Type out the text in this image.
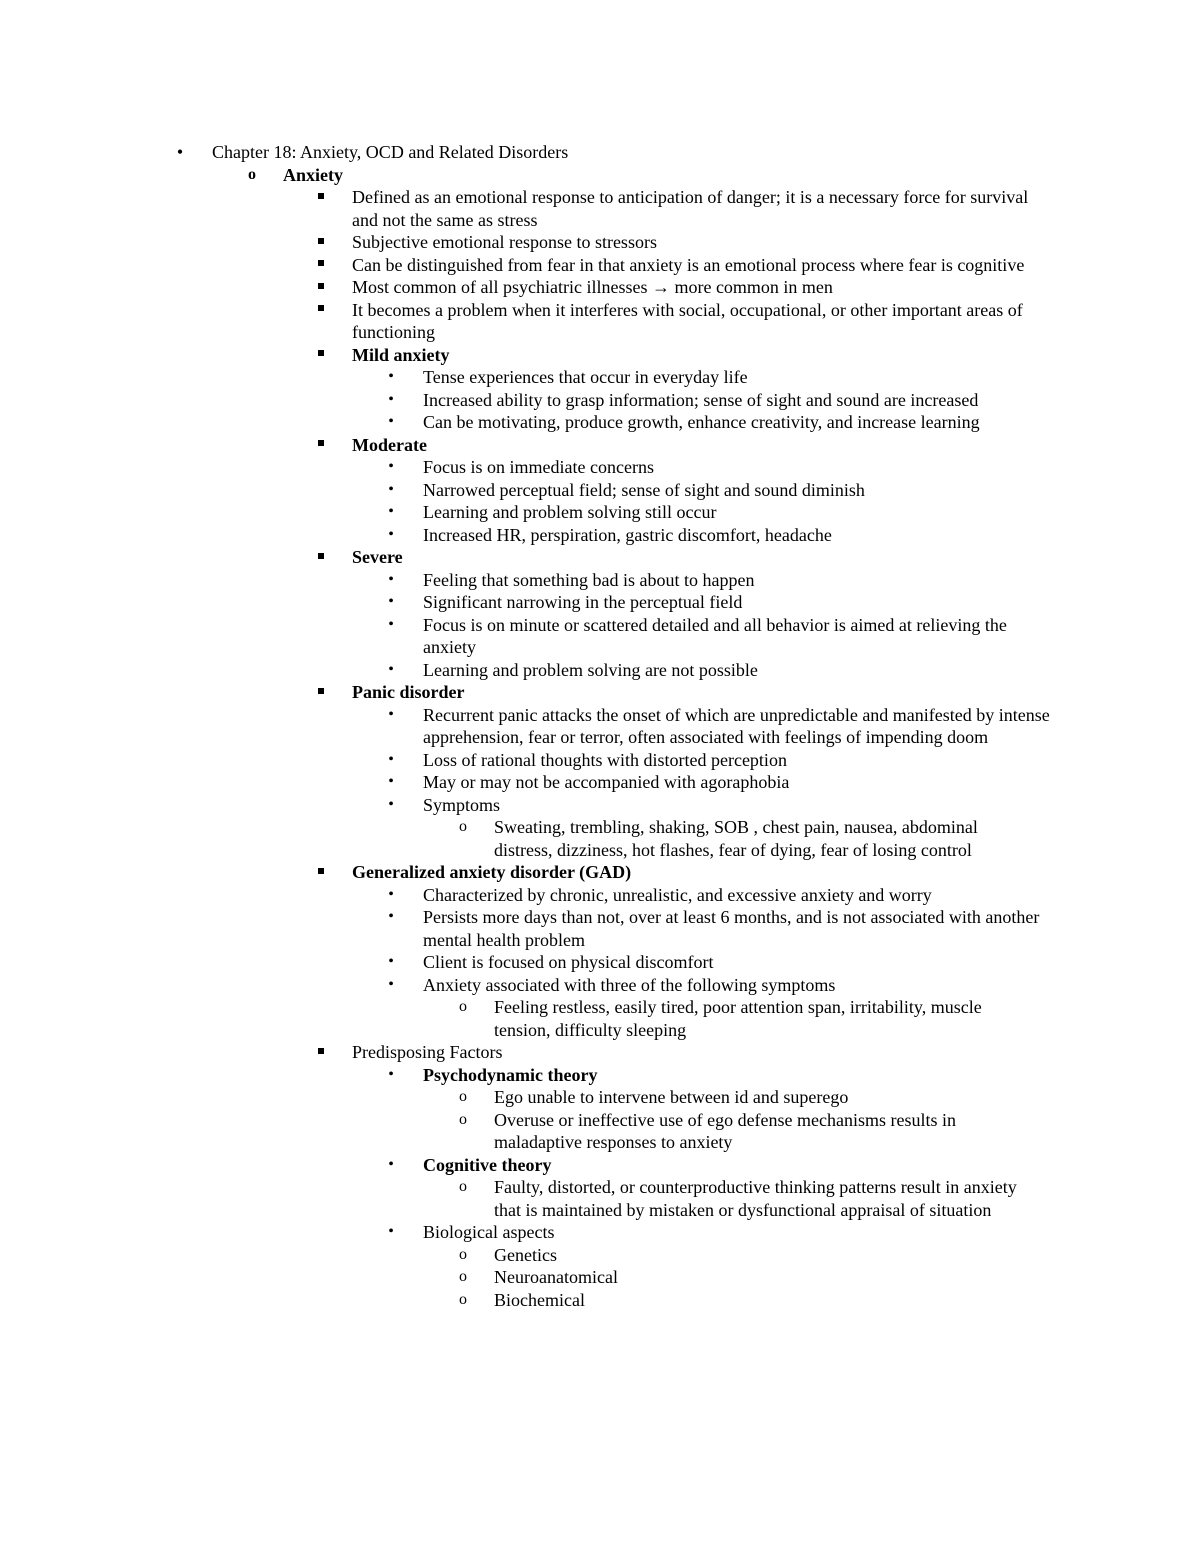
•	Chapter 18: Anxiety, OCD and Related Disorders
o	Anxiety
Defined as an emotional response to anticipation of danger; it is a necessary force for survival and not the same as stress
Subjective emotional response to stressors
Can be distinguished from fear in that anxiety is an emotional process where fear is cognitive
Most common of all psychiatric illnesses → more common in men
It becomes a problem when it interferes with social, occupational, or other important areas of functioning
Mild anxiety
•	Tense experiences that occur in everyday life
•	Increased ability to grasp information; sense of sight and sound are increased
•	Can be motivating, produce growth, enhance creativity, and increase learning
Moderate
•	Focus is on immediate concerns
•	Narrowed perceptual field; sense of sight and sound diminish
•	Learning and problem solving still occur
•	Increased HR, perspiration, gastric discomfort, headache
Severe
•	Feeling that something bad is about to happen
•	Significant narrowing in the perceptual field
•	Focus is on minute or scattered detailed and all behavior is aimed at relieving the anxiety
•	Learning and problem solving are not possible
Panic disorder
•	Recurrent panic attacks the onset of which are unpredictable and manifested by intense apprehension, fear or terror, often associated with feelings of impending doom
•	Loss of rational thoughts with distorted perception
•	May or may not be accompanied with agoraphobia
•	Symptoms
o	Sweating, trembling, shaking, SOB , chest pain, nausea, abdominal distress, dizziness, hot flashes, fear of dying, fear of losing control
Generalized anxiety disorder (GAD)
•	Characterized by chronic, unrealistic, and excessive anxiety and worry
•	Persists more days than not, over at least 6 months, and is not associated with another mental health problem
•	Client is focused on physical discomfort
•	Anxiety associated with three of the following symptoms
o	Feeling restless, easily tired, poor attention span, irritability, muscle tension, difficulty sleeping
Predisposing Factors
•	Psychodynamic theory
o	Ego unable to intervene between id and superego
o	Overuse or ineffective use of ego defense mechanisms results in maladaptive responses to anxiety
•	Cognitive theory
o	Faulty, distorted, or counterproductive thinking patterns result in anxiety that is maintained by mistaken or dysfunctional appraisal of situation
•	Biological aspects
o	Genetics
o	Neuroanatomical
o	Biochemical
